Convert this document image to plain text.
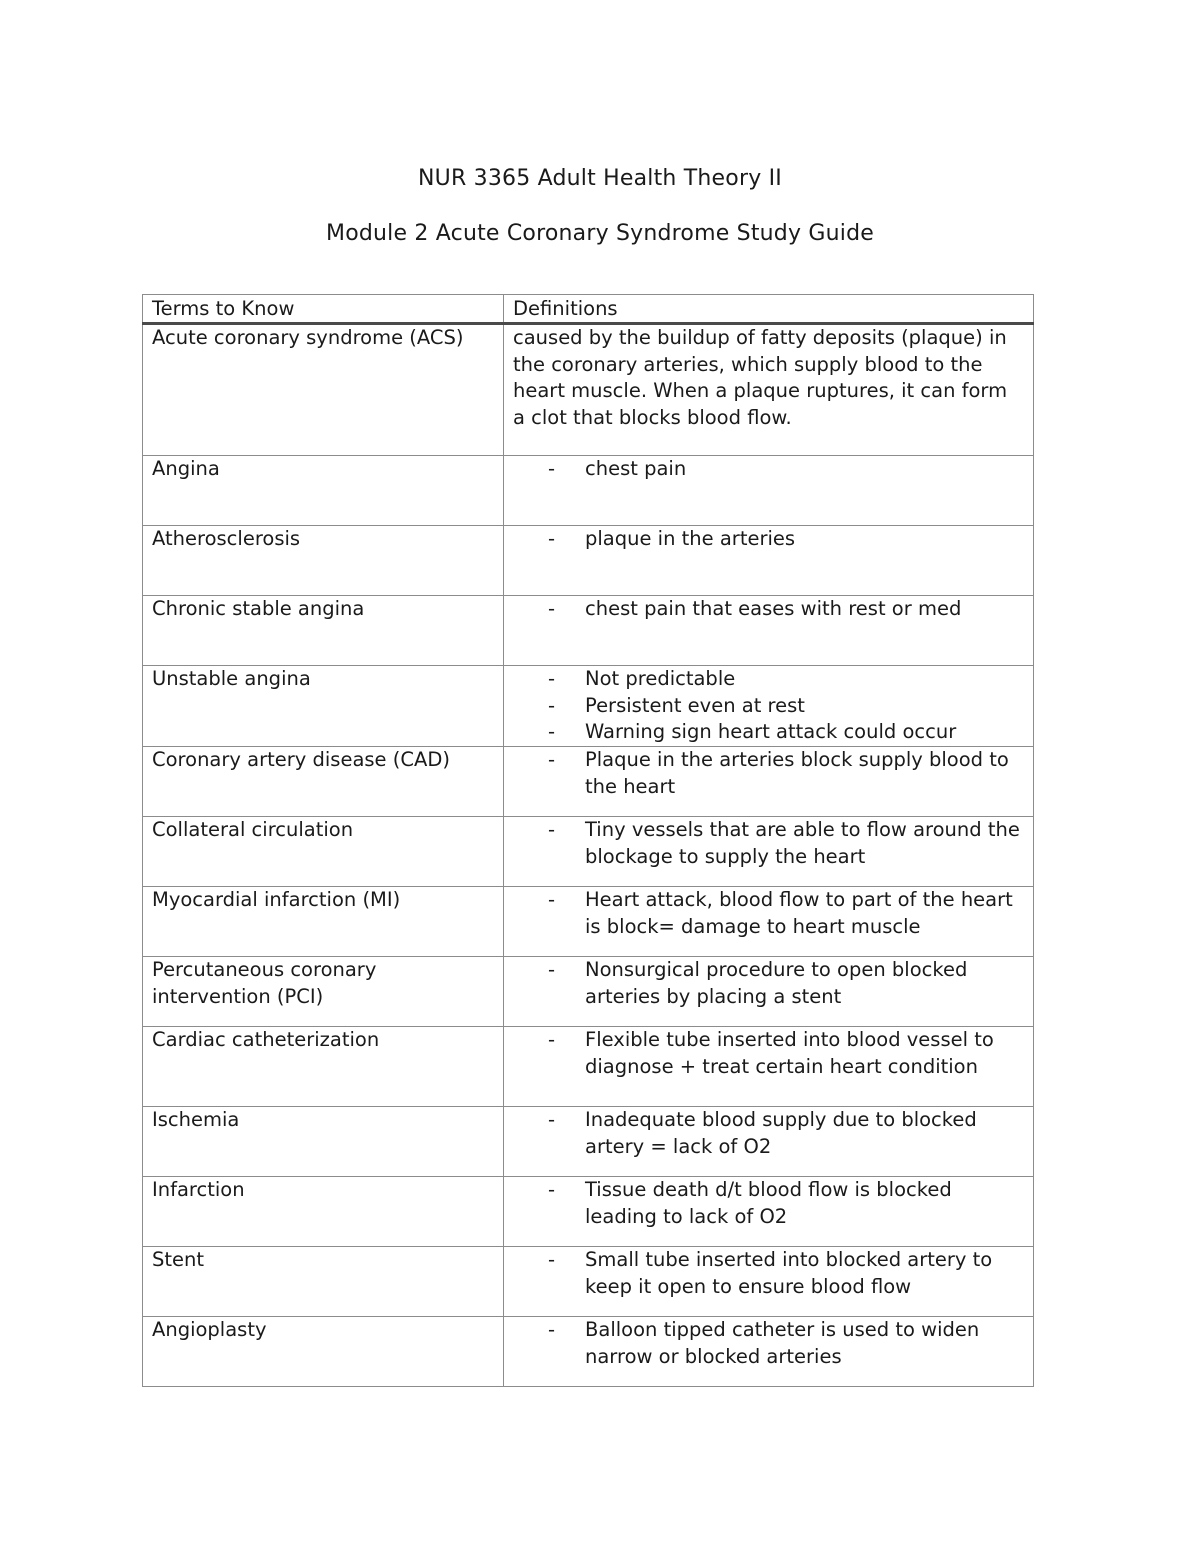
NUR 3365 Adult Health Theory II
Module 2 Acute Coronary Syndrome Study Guide
Terms to Know	Definitions
Acute coronary syndrome (ACS)	caused by the buildup of fatty deposits (plaque) in the coronary arteries, which supply blood to the heart muscle. When a plaque ruptures, it can form a clot that blocks blood flow.
Angina	- chest pain

Atherosclerosis	- plaque in the arteries

Chronic stable angina	- chest pain that eases with rest or med

Unstable angina	- Not predictable
- Persistent even at rest
- Warning sign heart attack could occur

Coronary artery disease (CAD)	- Plaque in the arteries block supply blood to the heart

Collateral circulation	- Tiny vessels that are able to flow around the blockage to supply the heart

Myocardial infarction (MI)	- Heart attack, blood flow to part of the heart is block= damage to heart muscle

Percutaneous coronary intervention (PCI)	- Nonsurgical procedure to open blocked arteries by placing a stent

Cardiac catheterization	- Flexible tube inserted into blood vessel to diagnose + treat certain heart condition

Ischemia	- Inadequate blood supply due to blocked artery = lack of O2

Infarction	- Tissue death d/t blood flow is blocked leading to lack of O2

Stent	- Small tube inserted into blocked artery to keep it open to ensure blood flow

Angioplasty	- Balloon tipped catheter is used to widen narrow or blocked arteries
